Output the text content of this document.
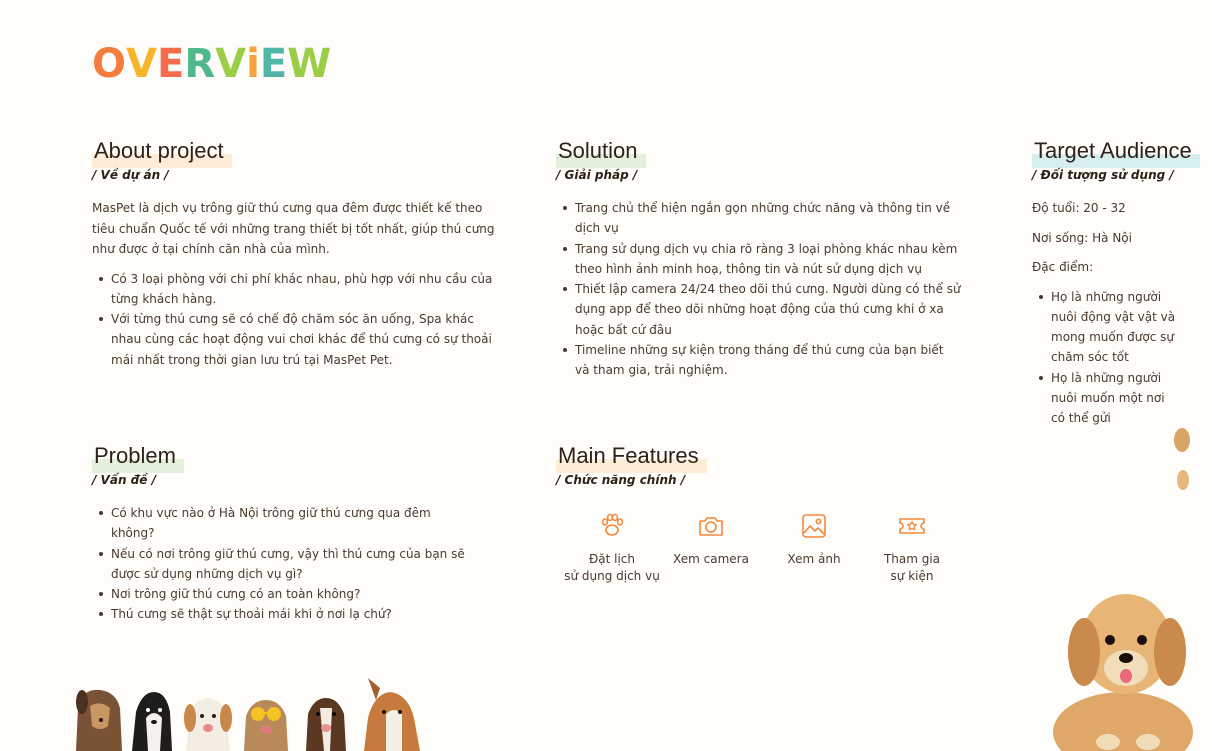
O V E R V i E W
About project
/ Về dự án /

MasPet là dịch vụ trông giữ thú cưng qua đêm được thiết kế theo tiêu chuẩn Quốc tế với những trang thiết bị tốt nhất, giúp thú cưng như được ở tại chính căn nhà của mình.

Có 3 loại phòng với chi phí khác nhau, phù hợp với nhu cầu của từng khách hàng.
Với từng thú cưng sẽ có chế độ chăm sóc ăn uống, Spa khác nhau cùng các hoạt động vui chơi khác để thú cưng có sự thoải mái nhất trong thời gian lưu trú tại MasPet Pet.
Solution
/ Giải pháp /
Trang chủ thể hiện ngắn gọn những chức năng và thông tin về dịch vụ
Trang sử dụng dịch vụ chia rõ ràng 3 loại phòng khác nhau kèm theo hình ảnh minh hoạ, thông tin và nút sử dụng dịch vụ
Thiết lập camera 24/24 theo dõi thú cưng. Người dùng có thể sử dụng app để theo dõi những hoạt động của thú cưng khi ở xa hoặc bất cứ đâu
Timeline những sự kiện trong tháng để thú cưng của bạn biết và tham gia, trải nghiệm.
Target Audience
/ Đối tượng sử dụng /

Độ tuổi: 20 - 32

Nơi sống: Hà Nội

Đặc điểm:

Họ là những người nuôi động vật vật và mong muốn được sự chăm sóc tốt
Họ là những người nuôi muốn một nơi có thể gửi
Problem
/ Vấn đề /
Có khu vực nào ở Hà Nội trông giữ thú cưng qua đêm không?
Nếu có nơi trông giữ thú cưng, vậy thì thú cưng của bạn sẽ được sử dụng những dịch vụ gì?
Nơi trông giữ thú cưng có an toàn không?
Thú cưng sẽ thật sự thoải mái khi ở nơi lạ chứ?
Main Features
/ Chức năng chính /
Đặt lịch
sử dụng dịch vụ
Xem camera	Xem ảnh	Tham gia
sự kiện
